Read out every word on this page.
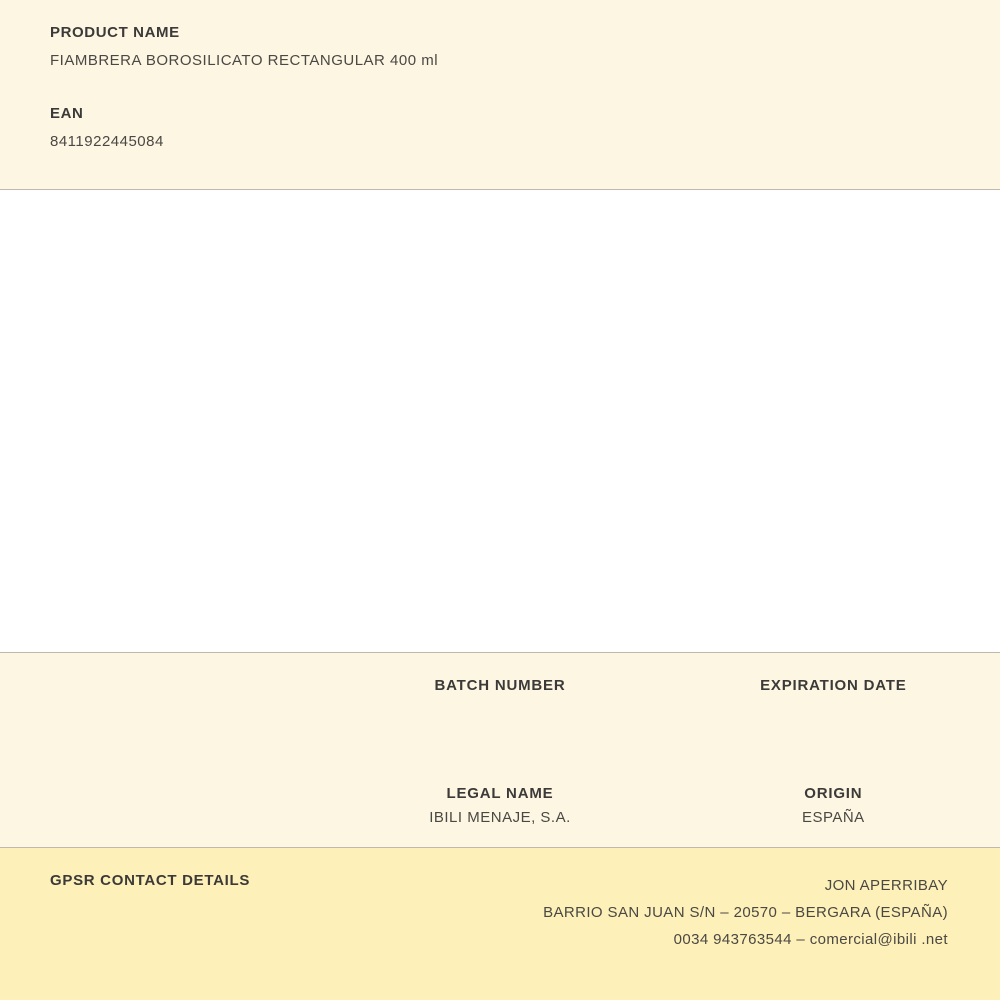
PRODUCT NAME

FIAMBRERA BOROSILICATO RECTANGULAR 400 ml

EAN

8411922445084

BATCH NUMBER	EXPIRATION DATE

LEGAL NAME

IBILI MENAJE, S.A.

ORIGIN

ESPAÑA

GPSR CONTACT DETAILS	JON APERRIBAY
BARRIO SAN JUAN S/N – 20570 – BERGARA (ESPAÑA)
0034 943763544 – comercial@ibili .net
